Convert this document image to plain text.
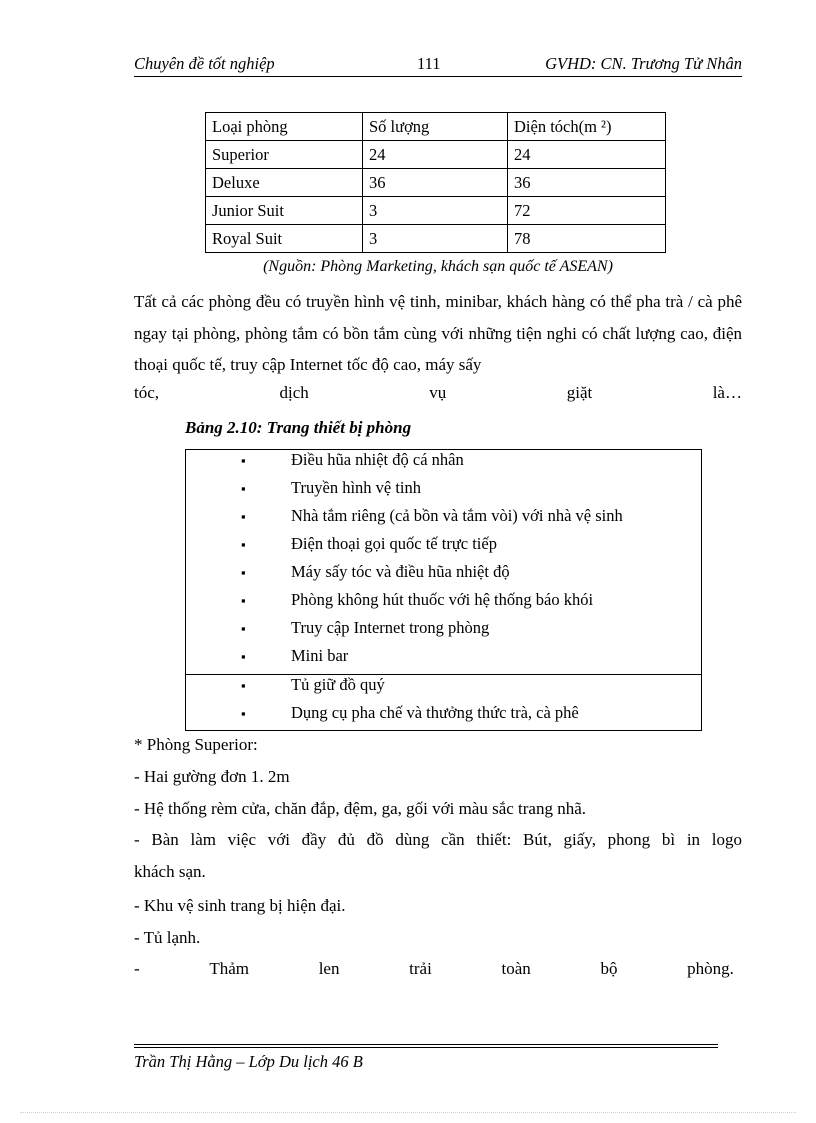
Chuyên đề tốt nghiệp	111	GVHD: CN. Trương Tử Nhân
Loại phòng	Số lượng	Diện tóch(m ²)
Superior	24	24
Deluxe	36	36
Junior Suit	3	72
Royal Suit	3	78
(Nguồn: Phòng Marketing, khách sạn quốc tế ASEAN)

Tất cả các phòng đều có truyền hình vệ tinh, minibar, khách hàng có thể pha trà / cà phê ngay tại phòng, phòng tắm có bồn tắm cùng với những tiện nghi có chất lượng cao, điện thoại quốc tế, truy cập Internet tốc độ cao, máy sấy

tóc,	dịch	vụ	giặt	là…

Bảng 2.10: Trang thiết bị phòng
▪	Điều hũa nhiệt độ cá nhân
▪	Truyền hình vệ tinh
▪	Nhà tắm riêng (cả bồn và tắm vòi) với nhà vệ sinh
▪	Điện thoại gọi quốc tế trực tiếp
▪	Máy sấy tóc và điều hũa nhiệt độ
▪	Phòng không hút thuốc với hệ thống báo khói
▪	Truy cập Internet trong phòng
▪	Mini bar
▪	Tủ giữ đồ quý
▪	Dụng cụ pha chế và thưởng thức trà, cà phê
* Phòng Superior:
- Hai gường đơn 1. 2m
- Hệ thống rèm cửa, chăn đắp, đệm, ga, gối với màu sắc trang nhã.
- Bàn làm việc với đầy đủ đồ dùng cần thiết: Bút, giấy, phong bì in logo
khách sạn.
- Khu vệ sinh trang bị hiện đại.
- Tủ lạnh.
-	Thảm	len	trải	toàn	bộ	phòng.
Trần Thị Hằng – Lớp Du lịch 46 B
